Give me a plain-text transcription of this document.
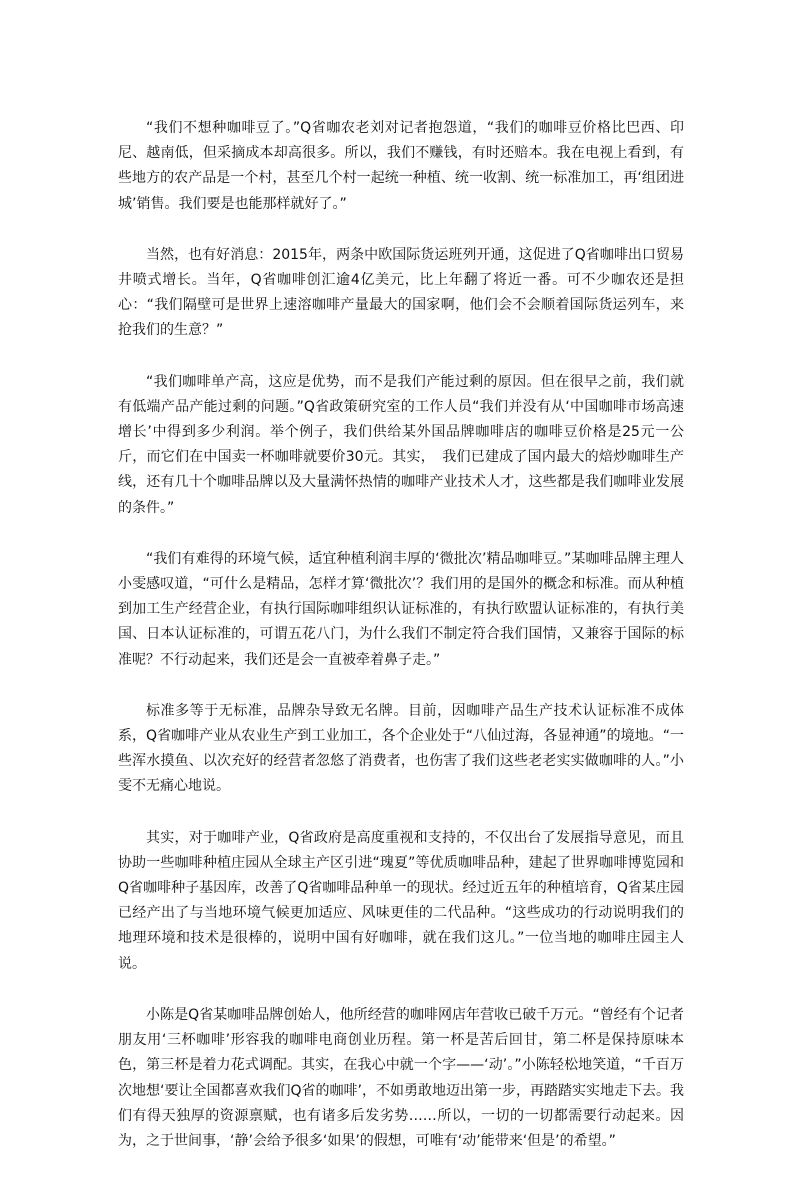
“我们不想种咖啡豆了。”Q省咖农老刘对记者抱怨道，“我们的咖啡豆价格比巴西、印尼、越南低，但采摘成本却高很多。所以，我们不赚钱，有时还赔本。我在电视上看到，有些地方的农产品是一个村，甚至几个村一起统一种植、统一收割、统一标准加工，再‘组团进城’销售。我们要是也能那样就好了。”

当然，也有好消息：2015年，两条中欧国际货运班列开通，这促进了Q省咖啡出口贸易井喷式增长。当年，Q省咖啡创汇逾4亿美元，比上年翻了将近一番。可不少咖农还是担心：“我们隔壁可是世界上速溶咖啡产量最大的国家啊，他们会不会顺着国际货运列车，来抢我们的生意？”

“我们咖啡单产高，这应是优势，而不是我们产能过剩的原因。但在很早之前，我们就有低端产品产能过剩的问题。”Q省政策研究室的工作人员“我们并没有从‘中国咖啡市场高速增长’中得到多少利润。举个例子，我们供给某外国品牌咖啡店的咖啡豆价格是25元一公斤，而它们在中国卖一杯咖啡就要价30元。其实，　我们已建成了国内最大的焙炒咖啡生产线，还有几十个咖啡品牌以及大量满怀热情的咖啡产业技术人才，这些都是我们咖啡业发展的条件。”

“我们有难得的环境气候，适宜种植利润丰厚的‘微批次’精品咖啡豆。”某咖啡品牌主理人小雯感叹道，“可什么是精品，怎样才算‘微批次’？我们用的是国外的概念和标准。而从种植到加工生产经营企业，有执行国际咖啡组织认证标准的，有执行欧盟认证标准的，有执行美国、日本认证标准的，可谓五花八门，为什么我们不制定符合我们国情，又兼容于国际的标准呢？不行动起来，我们还是会一直被牵着鼻子走。”

标准多等于无标准，品牌杂导致无名牌。目前，因咖啡产品生产技术认证标准不成体系，Q省咖啡产业从农业生产到工业加工，各个企业处于“八仙过海，各显神通”的境地。“一些浑水摸鱼、以次充好的经营者忽悠了消费者，也伤害了我们这些老老实实做咖啡的人。”小雯不无痛心地说。

其实，对于咖啡产业，Q省政府是高度重视和支持的，不仅出台了发展指导意见，而且协助一些咖啡种植庄园从全球主产区引进“瑰夏”等优质咖啡品种，建起了世界咖啡博览园和Q省咖啡种子基因库，改善了Q省咖啡品种单一的现状。经过近五年的种植培育，Q省某庄园已经产出了与当地环境气候更加适应、风味更佳的二代品种。“这些成功的行动说明我们的地理环境和技术是很棒的，说明中国有好咖啡，就在我们这儿。”一位当地的咖啡庄园主人说。

小陈是Q省某咖啡品牌创始人，他所经营的咖啡网店年营收已破千万元。“曾经有个记者朋友用‘三杯咖啡’形容我的咖啡电商创业历程。第一杯是苦后回甘，第二杯是保持原味本色，第三杯是着力花式调配。其实，在我心中就一个字——‘动’。”小陈轻松地笑道，“千百万次地想‘要让全国都喜欢我们Q省的咖啡’，不如勇敢地迈出第一步，再踏踏实实地走下去。我们有得天独厚的资源禀赋，也有诸多后发劣势……所以，一切的一切都需要行动起来。因为，之于世间事，‘静’会给予很多‘如果’的假想，可唯有‘动’能带来‘但是’的希望。”
